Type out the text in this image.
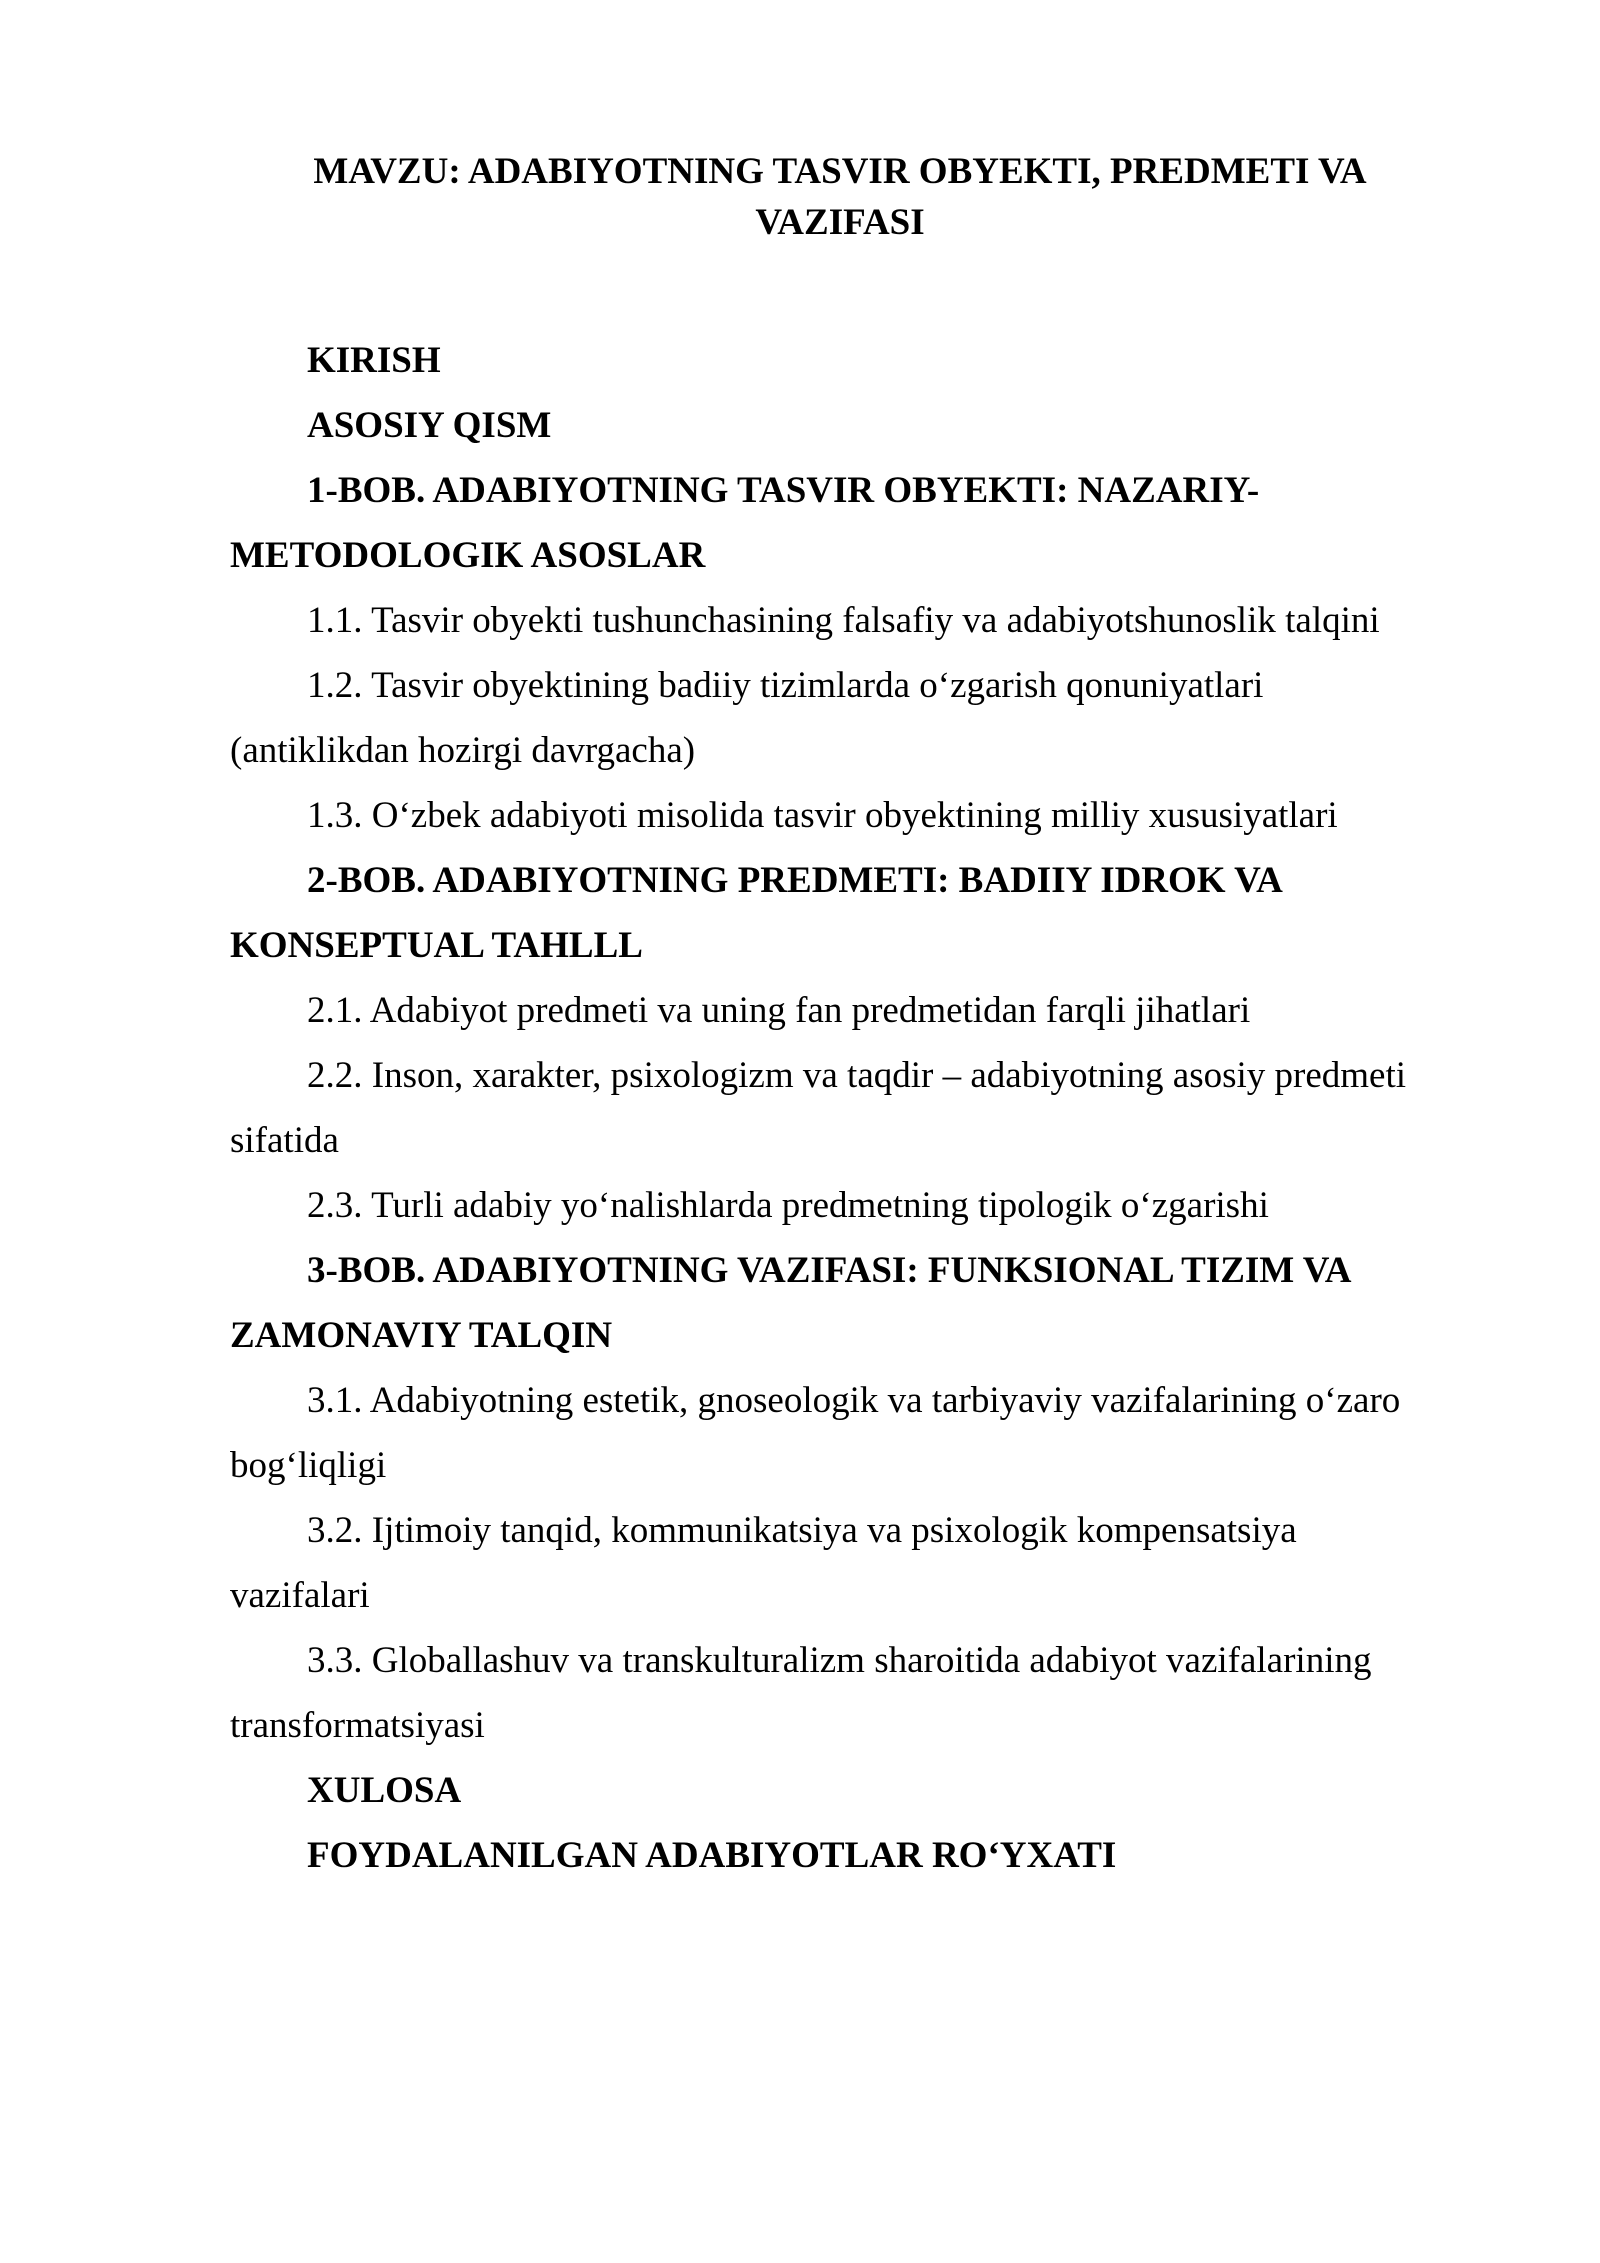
MAVZU: ADABIYOTNING TASVIR OBYEKTI, PREDMETI VA VAZIFASI
KIRISH
ASOSIY QISM
1-BOB. ADABIYOTNING TASVIR OBYEKTI: NAZARIY-METODOLOGIK ASOSLAR
1.1. Tasvir obyekti tushunchasining falsafiy va adabiyotshunoslik talqini
1.2. Tasvir obyektining badiiy tizimlarda o‘zgarish qonuniyatlari (antiklikdan hozirgi davrgacha)
1.3. O‘zbek adabiyoti misolida tasvir obyektining milliy xususiyatlari
2-BOB. ADABIYOTNING PREDMETI: BADIIY IDROK VA KONSEPTUAL TAHLLL
2.1. Adabiyot predmeti va uning fan predmetidan farqli jihatlari
2.2. Inson, xarakter, psixologizm va taqdir – adabiyotning asosiy predmeti sifatida
2.3. Turli adabiy yo‘nalishlarda predmetning tipologik o‘zgarishi
3-BOB. ADABIYOTNING VAZIFASI: FUNKSIONAL TIZIM VA ZAMONAVIY TALQIN
3.1. Adabiyotning estetik, gnoseologik va tarbiyaviy vazifalarining o‘zaro bog‘liqligi
3.2. Ijtimoiy tanqid, kommunikatsiya va psixologik kompensatsiya vazifalari
3.3. Globallashuv va transkulturalizm sharoitida adabiyot vazifalarining transformatsiyasi
XULOSA
FOYDALANILGAN ADABIYOTLAR RO‘YXATI
